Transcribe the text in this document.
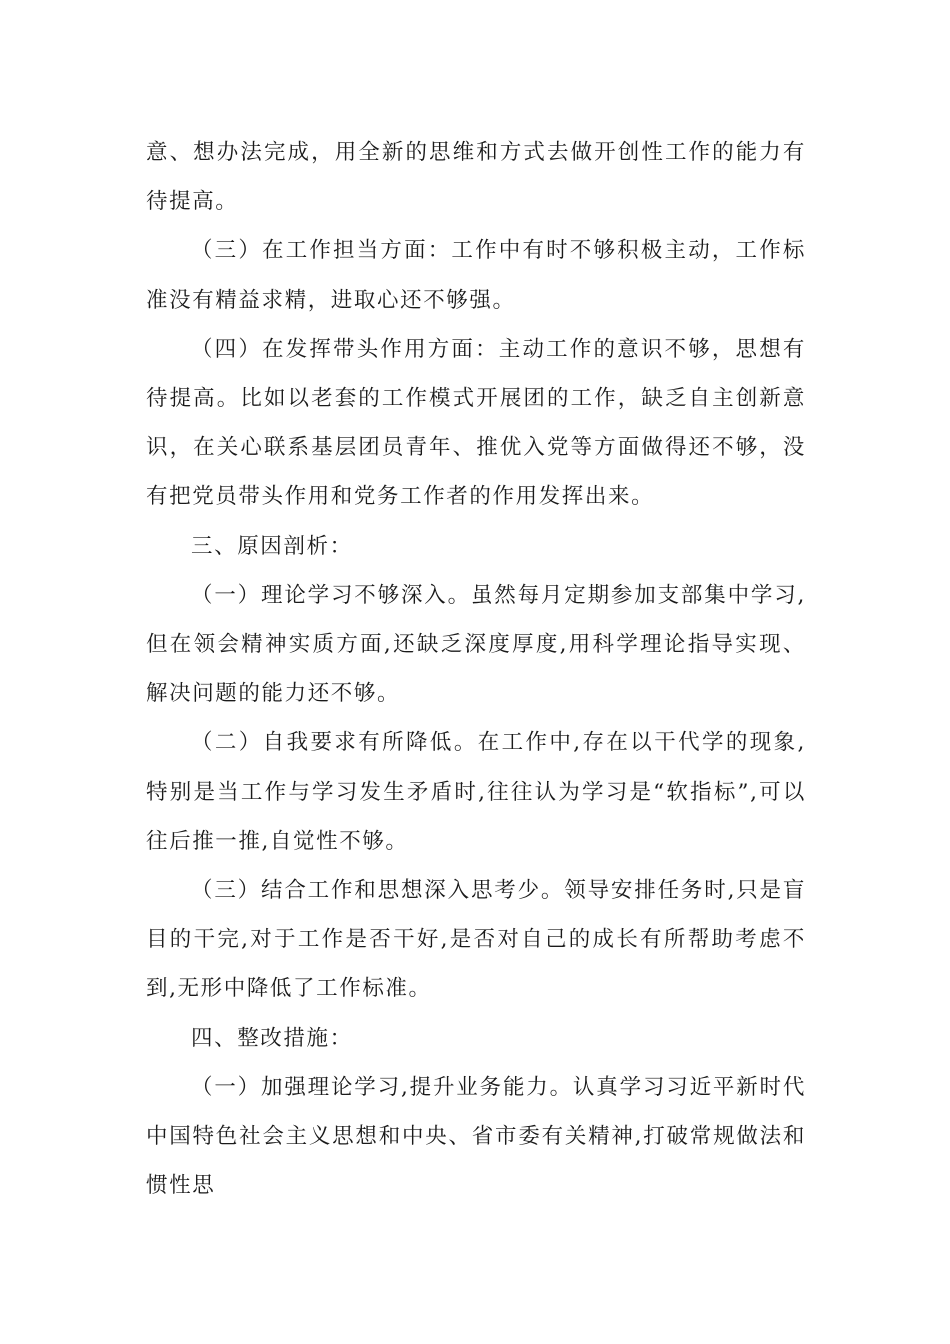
意、想办法完成，用全新的思维和方式去做开创性工作的能力有待提高。

（三）在工作担当方面：工作中有时不够积极主动，工作标准没有精益求精，进取心还不够强。

（四）在发挥带头作用方面：主动工作的意识不够，思想有待提高。比如以老套的工作模式开展团的工作，缺乏自主创新意识，在关心联系基层团员青年、推优入党等方面做得还不够，没有把党员带头作用和党务工作者的作用发挥出来。

三、原因剖析：

（一）理论学习不够深入。虽然每月定期参加支部集中学习,但在领会精神实质方面,还缺乏深度厚度,用科学理论指导实现、解决问题的能力还不够。

（二）自我要求有所降低。在工作中,存在以干代学的现象,特别是当工作与学习发生矛盾时,往往认为学习是“软指标”,可以往后推一推,自觉性不够。

（三）结合工作和思想深入思考少。领导安排任务时,只是盲目的干完,对于工作是否干好,是否对自己的成长有所帮助考虑不到,无形中降低了工作标准。

四、整改措施：

（一）加强理论学习,提升业务能力。认真学习习近平新时代中国特色社会主义思想和中央、省市委有关精神,打破常规做法和惯性思
